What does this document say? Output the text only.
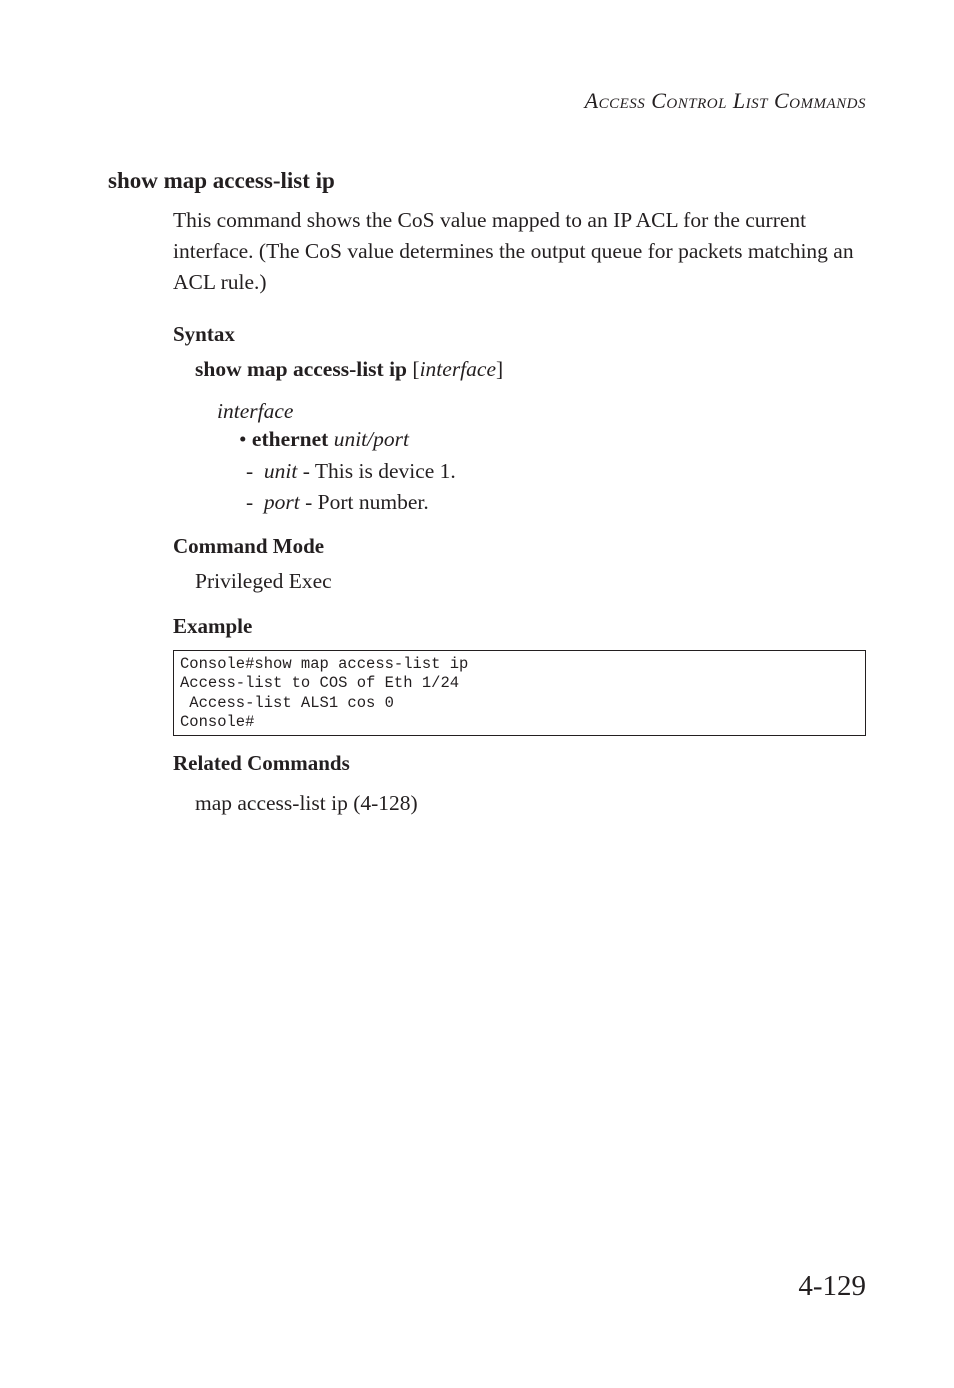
Access Control List Commands
show map access-list ip
This command shows the CoS value mapped to an IP ACL for the current interface. (The CoS value determines the output queue for packets matching an ACL rule.)
Syntax
show map access-list ip [interface]
interface
• ethernet unit/port
- unit - This is device 1.
- port - Port number.
Command Mode
Privileged Exec
Example
Console#show map access-list ip
Access-list to COS of Eth 1/24
Access-list ALS1 cos 0
Console#
Related Commands
map access-list ip (4-128)
4-129
